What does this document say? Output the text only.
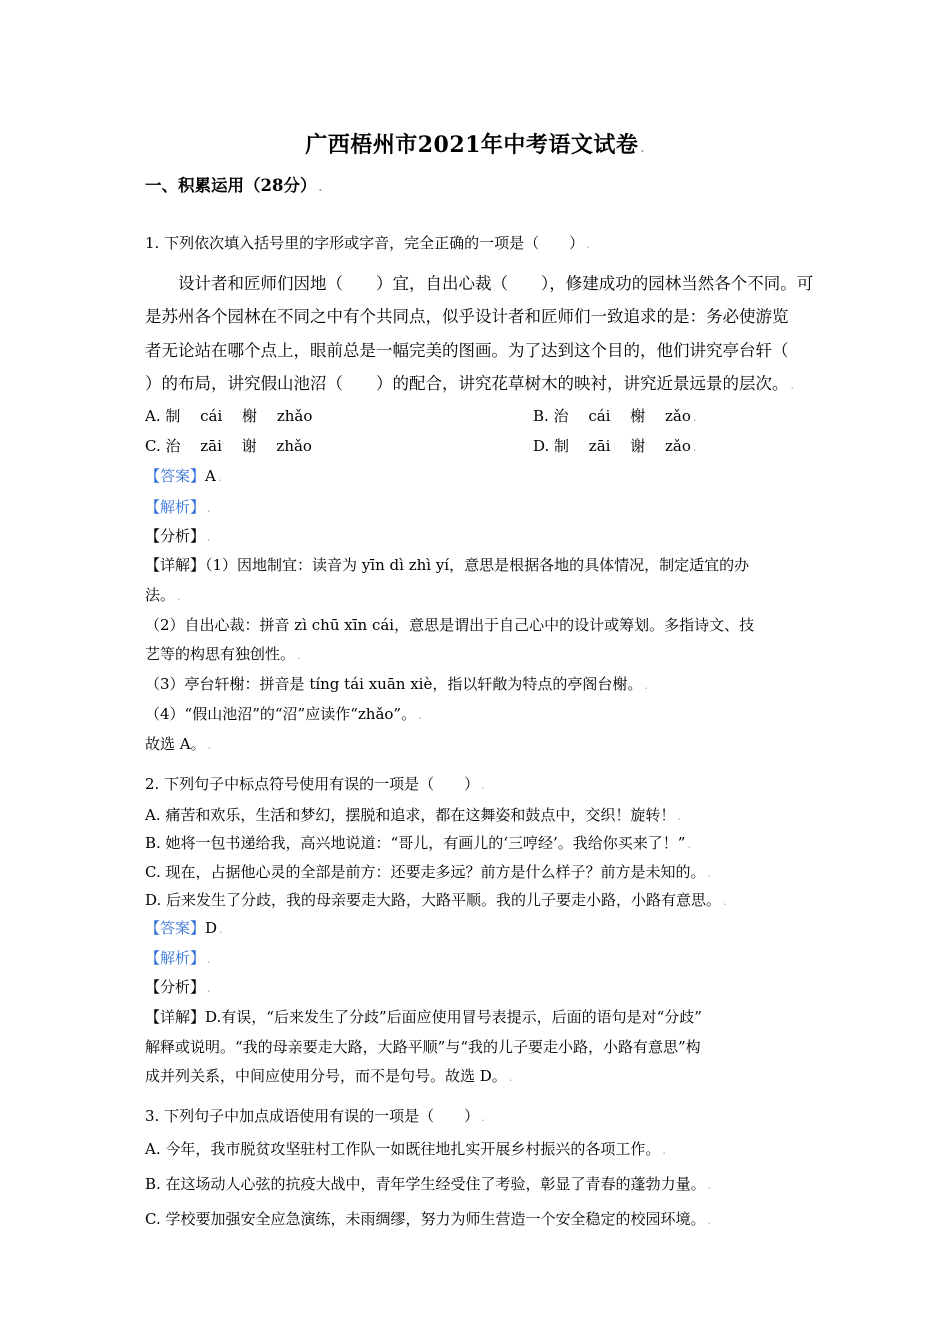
广西梧州市2021年中考语文试卷 .
一、积累运用（28分） .
1. 下列依次填入括号里的字形或字音，完全正确的一项是（　　） .
设计者和匠师们因地（　　）宜，自出心裁（　　），修建成功的园林当然各个不同。可
是苏州各个园林在不同之中有个共同点，似乎设计者和匠师们一致追求的是：务必使游览
者无论站在哪个点上，眼前总是一幅完美的图画。为了达到这个目的，他们讲究亭台轩（
）的布局，讲究假山池沼（　　）的配合，讲究花草树木的映衬，讲究近景远景的层次。 .
A. 制　 cái　 榭　 zhǎo	B. 治　 cái　 榭　 zǎo .
C. 治　 zāi　 谢　 zhǎo	D. 制　 zāi　 谢　 zǎo .
【答案】A .
【解析】 .
【分析】 .
【详解】（1）因地制宜：读音为 yīn dì zhì yí，意思是根据各地的具体情况，制定适宜的办
法。 .
（2）自出心裁：拼音 zì chū xīn cái，意思是谓出于自己心中的设计或筹划。多指诗文、技
艺等的构思有独创性。 .
（3）亭台轩榭：拼音是 tíng tái xuān xiè，指以轩敞为特点的亭阁台榭。 .
（4）“假山池沼”的“沼”应读作“zhǎo”。 .
故选 A。 .
2. 下列句子中标点符号使用有误的一项是（　　） .
A. 痛苦和欢乐，生活和梦幻，摆脱和追求，都在这舞姿和鼓点中，交织！旋转！ .
B. 她将一包书递给我，高兴地说道：“哥儿，有画儿的‘三哼经’。我给你买来了！” .
C. 现在，占据他心灵的全部是前方：还要走多远？前方是什么样子？前方是未知的。 .
D. 后来发生了分歧，我的母亲要走大路，大路平顺。我的儿子要走小路，小路有意思。 .
【答案】D .
【解析】 .
【分析】 .
【详解】D.有误，“后来发生了分歧”后面应使用冒号表提示，后面的语句是对“分歧”
解释或说明。“我的母亲要走大路，大路平顺”与“我的儿子要走小路，小路有意思”构
成并列关系，中间应使用分号，而不是句号。故选 D。 .
3. 下列句子中加点成语使用有误的一项是（　　） .
A. 今年，我市脱贫攻坚驻村工作队一如既往地扎实开展乡村振兴的各项工作。 .
B. 在这场动人心弦的抗疫大战中，青年学生经受住了考验，彰显了青春的蓬勃力量。 .
C. 学校要加强安全应急演练，未雨绸缪，努力为师生营造一个安全稳定的校园环境。 .
